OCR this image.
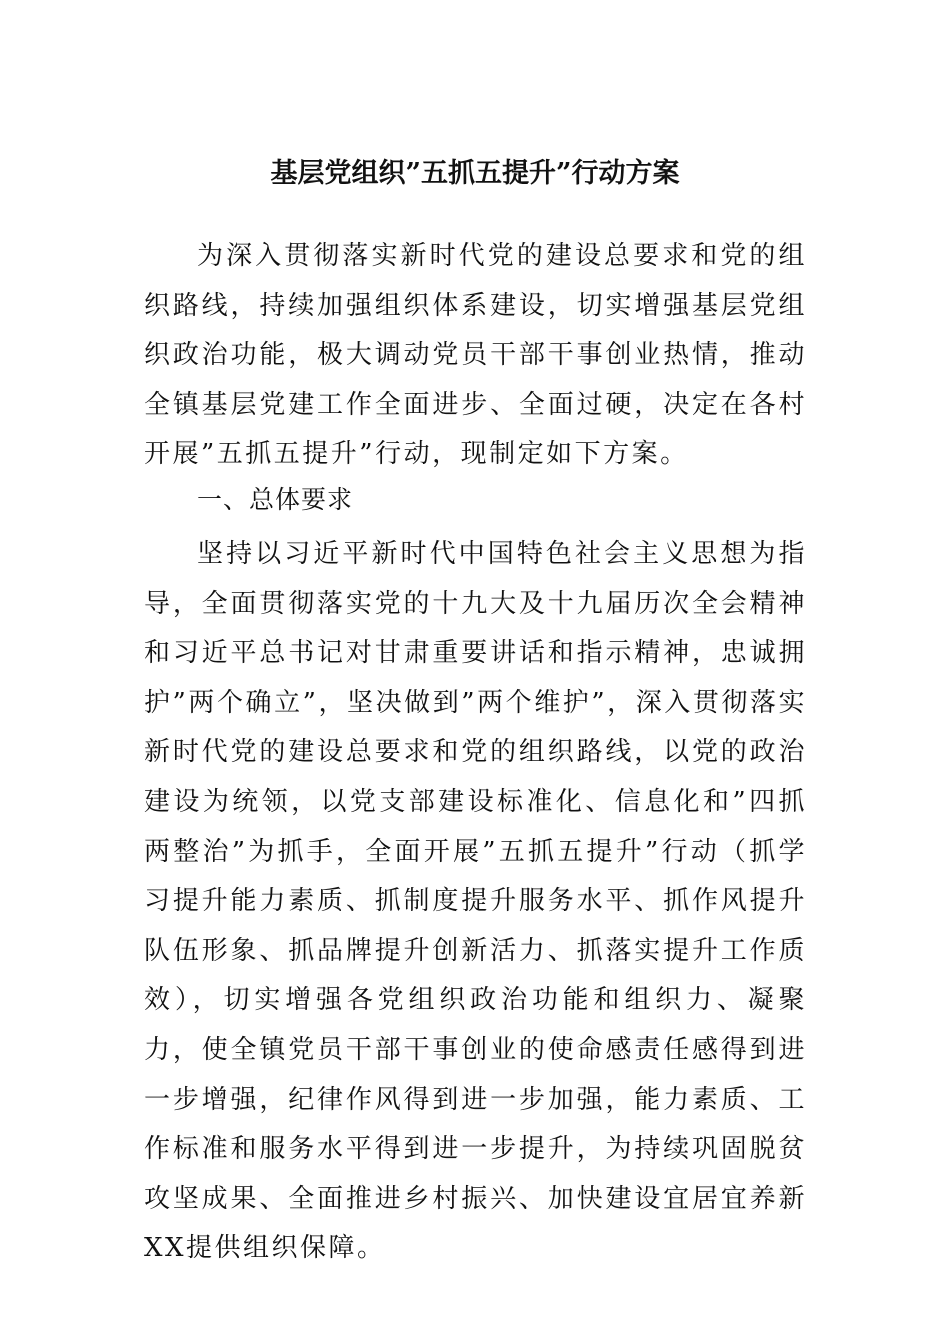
基层党组织”五抓五提升”行动方案

为深入贯彻落实新时代党的建设总要求和党的组织路线，持续加强组织体系建设，切实增强基层党组织政治功能，极大调动党员干部干事创业热情，推动全镇基层党建工作全面进步、全面过硬，决定在各村开展”五抓五提升”行动，现制定如下方案。

一、总体要求

坚持以习近平新时代中国特色社会主义思想为指导，全面贯彻落实党的十九大及十九届历次全会精神和习近平总书记对甘肃重要讲话和指示精神，忠诚拥护”两个确立”，坚决做到”两个维护”，深入贯彻落实新时代党的建设总要求和党的组织路线，以党的政治建设为统领，以党支部建设标准化、信息化和”四抓两整治”为抓手，全面开展”五抓五提升”行动（抓学习提升能力素质、抓制度提升服务水平、抓作风提升队伍形象、抓品牌提升创新活力、抓落实提升工作质效），切实增强各党组织政治功能和组织力、凝聚力，使全镇党员干部干事创业的使命感责任感得到进一步增强，纪律作风得到进一步加强，能力素质、工作标准和服务水平得到进一步提升，为持续巩固脱贫攻坚成果、全面推进乡村振兴、加快建设宜居宜养新XX提供组织保障。
